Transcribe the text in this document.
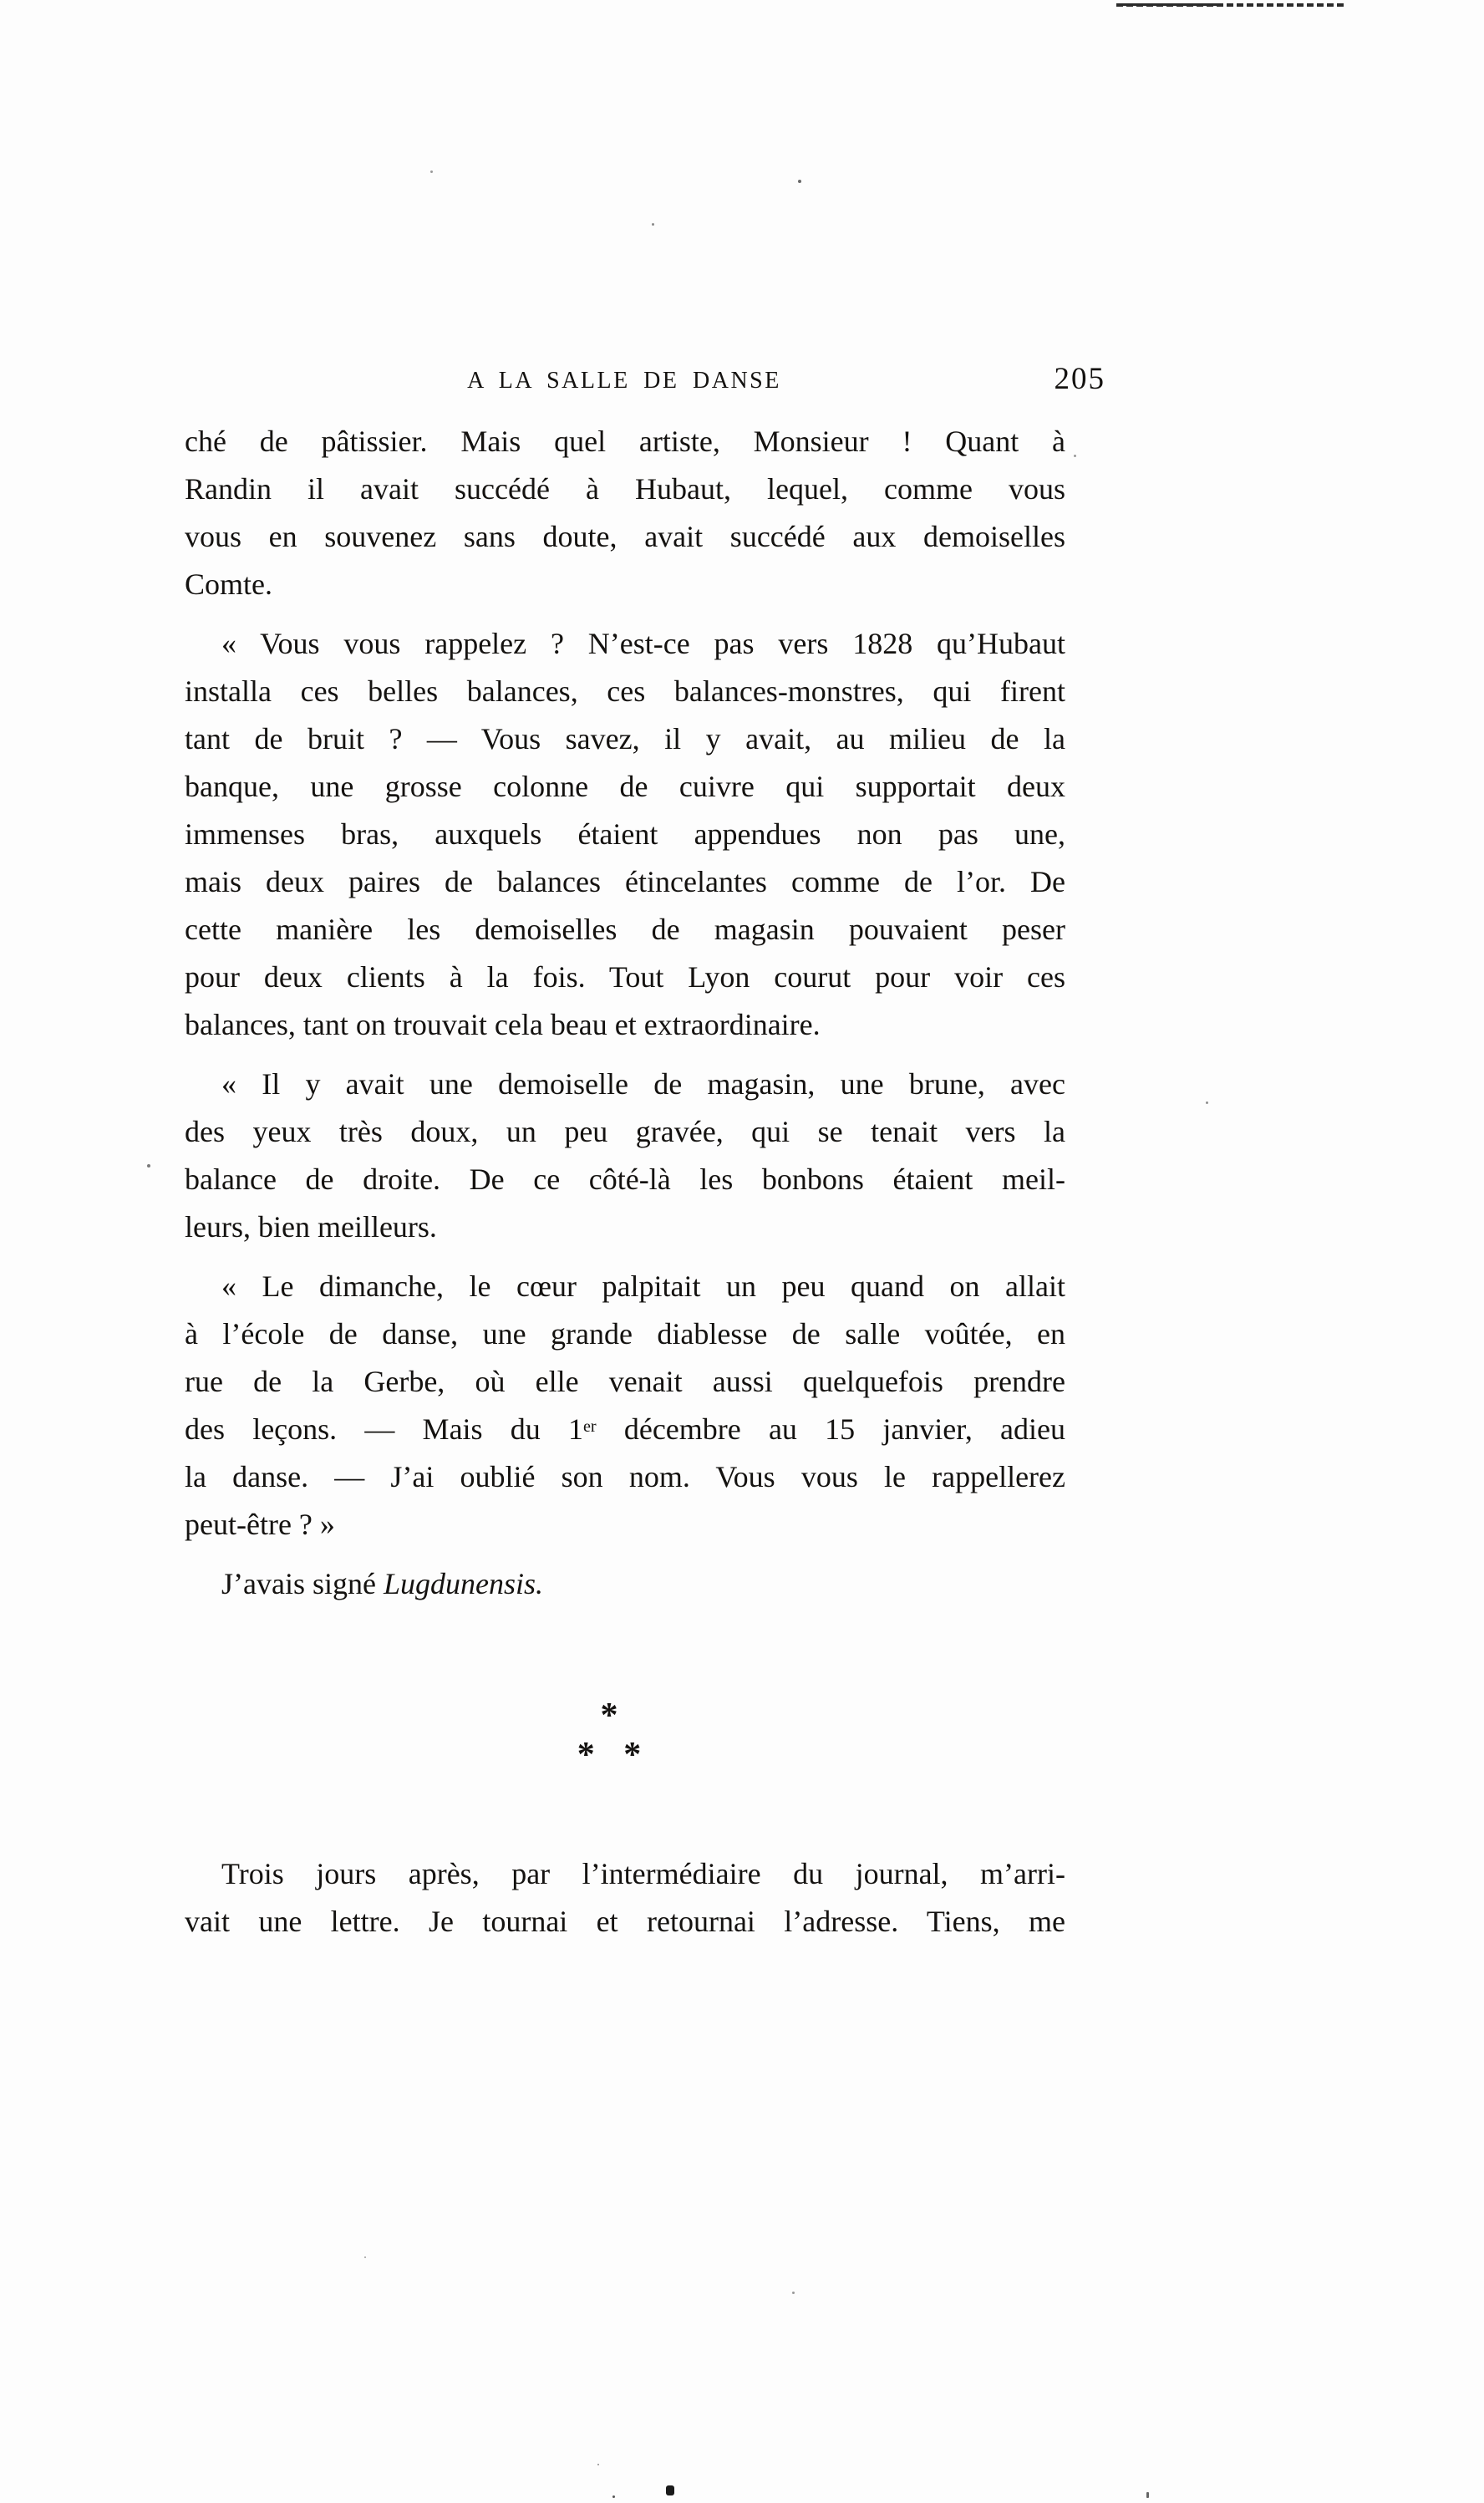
A LA SALLE DE DANSE	205
ché de pâtissier. Mais quel artiste, Monsieur ! Quant à
Randin il avait succédé à Hubaut, lequel, comme vous
vous en souvenez sans doute, avait succédé aux demoiselles
Comte.
« Vous vous rappelez ? N’est-ce pas vers 1828 qu’Hubaut
installa ces belles balances, ces balances-monstres, qui firent
tant de bruit ? — Vous savez, il y avait, au milieu de la
banque, une grosse colonne de cuivre qui supportait deux
immenses bras, auxquels étaient appendues non pas une,
mais deux paires de balances étincelantes comme de l’or. De
cette manière les demoiselles de magasin pouvaient peser
pour deux clients à la fois. Tout Lyon courut pour voir ces
balances, tant on trouvait cela beau et extraordinaire.
« Il y avait une demoiselle de magasin, une brune, avec
des yeux très doux, un peu gravée, qui se tenait vers la
balance de droite. De ce côté-là les bonbons étaient meil-
leurs, bien meilleurs.
« Le dimanche, le cœur palpitait un peu quand on allait
à l’école de danse, une grande diablesse de salle voûtée, en
rue de la Gerbe, où elle venait aussi quelquefois prendre
des leçons. — Mais du 1er décembre au 15 janvier, adieu
la danse. — J’ai oublié son nom. Vous vous le rappellerez
peut-être ? »
J’avais signé Lugdunensis.
*
* *
Trois jours après, par l’intermédiaire du journal, m’arri-
vait une lettre. Je tournai et retournai l’adresse. Tiens, me
